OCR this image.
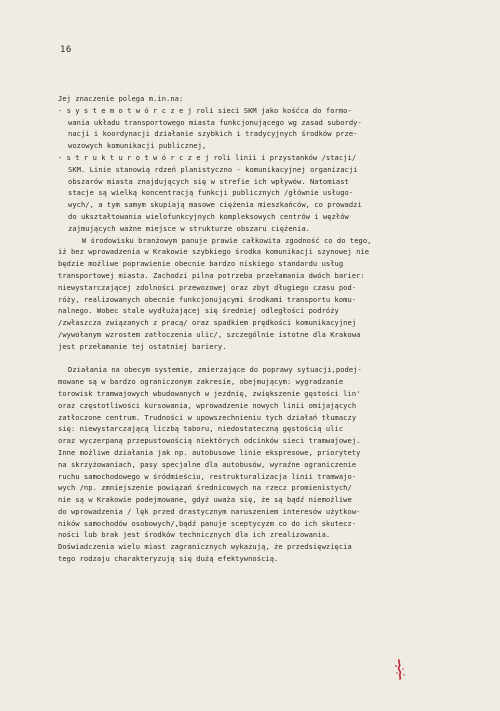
16
Jej znaczenie polega m.in.na:
- s y s t e m o t w ó r c z e j roli sieci SKM jako kośćca do formo-
wania układu transportowego miasta funkcjonującego wg zasad subordy-
nacji i koordynacji działanie szybkich i tradycyjnych środków prze-
wozowych komunikacji publicznej,
- s t r u k t u r o t w ó r c z e j roli linii i przystanków /stacji/
SKM. Linie stanowią rdzeń planistyczno - komunikacyjnej organizacji
obszarów miasta znajdujących się w strefie ich wpływów. Natomiast
stacje są wielką koncentracją funkcji publicznych /głównie usługo-
wych/, a tym samym skupiają masowe ciężenia mieszkańców, co prowadzi
do ukształtowania wielofunkcyjnych kompleksowych centrów i węzłów
zajmujących ważne miejsce w strukturze obszaru ciężenia.
W środowisku branżowym panuje prawie całkowita zgodność co do tego,
iż bez wprowadzenia w Krakowie szybkiego środka komunikacji szynowej nie
będzie możliwe poprawienie obecnie bardzo niskiego standardu usług
transportowej miasta. Zachodzi pilna potrzeba przełamania dwóch barier:
niewystarczającej zdolności przewozowej oraz zbyt długiego czasu pod-
róży, realizowanych obecnie funkcjonującymi środkami transportu komu-
nalnego. Wobec stale wydłużającej się średniej odległości podróży
/zwłaszcza związanych z pracą/ oraz spadkiem prędkości komunikacyjnej
/wywołanym wzrostem zatłoczenia ulic/, szczególnie istotne dla Krakowa
jest przełamanie tej ostatniej bariery.

Działania na obecym systemie, zmierzające do poprawy sytuacji,podej-
mowane są w bardzo ograniczonym zakresie, obejmującym: wygradzanie
torowisk tramwajowych wbudowanych w jezdnię, zwiększenie gęstości lin'
oraz częstotliwości kursowania, wprowadzenie nowych linii omijających
zatłoczone centrum. Trudności w upowszechnieniu tych działań tłumaczy
się: niewystarczającą liczbą taboru, niedostateczną gęstością ulic
oraz wyczerpaną przepustowością niektórych odcinków sieci tramwajowej.
Inne możliwe działania jak np. autobusowe linie ekspresowe, priorytety
na skrzyżowaniach, pasy specjalne dla autobusów, wyraźne ograniczenie
ruchu samochodowego w śródmieściu, restrukturalizacja linii tramwajo-
wych /np. zmniejszenie powiązań średnicowych na rzecz promienistych/
nie są w Krakowie podejmowane, gdyż uważa się, że są bądź niemożliwe
do wprowadzenia / lęk przed drastycznym naruszeniem interesów użytkow-
ników samochodów osobowych/,bądź panuje sceptycyzm co do ich skutecz-
ności lub brak jest środków technicznych dla ich zrealizowania.
Doświadczenia wielu miast zagranicznych wykazują, że przedsięwzięcia
tego rodzaju charakteryzują się dużą efektywnością.
